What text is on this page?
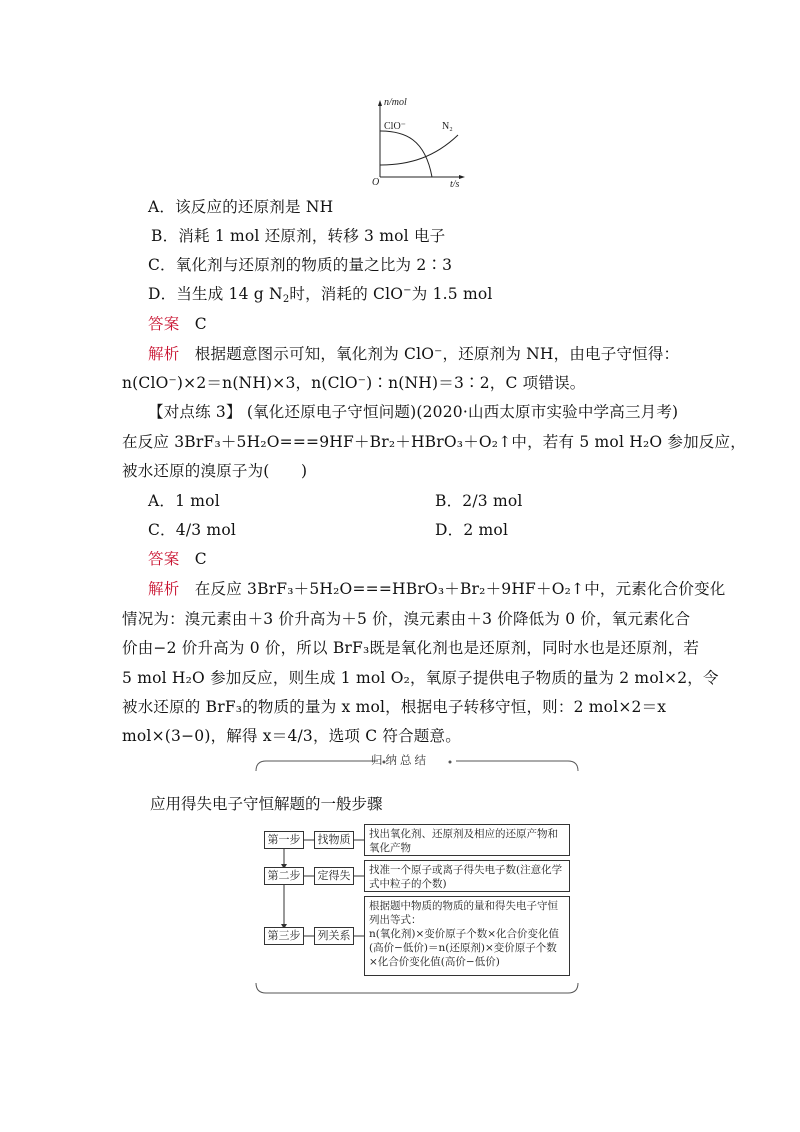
n/mol
t/s
O
ClO⁻	N₂
A．该反应的还原剂是 NH
B．消耗 1 mol 还原剂，转移 3 mol 电子
C．氧化剂与还原剂的物质的量之比为 2∶3
D．当生成 14 g $N_2$时，消耗的 ClO−为 1.5 mol
答案 C
解析 根据题意图示可知，氧化剂为 ClO⁻，还原剂为 NH，由电子守恒得：
n(ClO⁻)×2＝n(NH)×3，n(ClO⁻)∶n(NH)＝3∶2，C 项错误。
【对点练 3】 (氧化还原电子守恒问题)(2020·山西太原市实验中学高三月考)
在反应 3BrF₃＋5H₂O===9HF＋Br₂＋HBrO₃＋O₂↑中，若有 5 mol H₂O 参加反应，
被水还原的溴原子为(　　)
A．1 mol	B．2/3 mol
C．4/3 mol	D．2 mol
答案 C
解析 在反应 3BrF₃＋5H₂O===HBrO₃＋Br₂＋9HF＋O₂↑中，元素化合价变化
情况为：溴元素由＋3 价升高为＋5 价，溴元素由＋3 价降低为 0 价，氧元素化合
价由−2 价升高为 0 价，所以 BrF₃既是氧化剂也是还原剂，同时水也是还原剂，若
5 mol H₂O 参加反应，则生成 1 mol O₂，氧原子提供电子物质的量为 2 mol×2，令
被水还原的 BrF₃的物质的量为 x mol，根据电子转移守恒，则：2 mol×2＝x
mol×(3−0)，解得 x＝4/3，选项 C 符合题意。
归纳总结
应用得失电子守恒解题的一般步骤
第一步	找物质	找出氧化剂、还原剂及相应的还原产物和氧化产物
第二步	定得失	找准一个原子或离子得失电子数(注意化学式中粒子的个数)
第三步	列关系
根据题中物质的物质的量和得失电子守恒列出等式：
n(氧化剂)×变价原子个数×化合价变化值(高价−低价)＝n(还原剂)×变价原子个数×化合价变化值(高价−低价)
